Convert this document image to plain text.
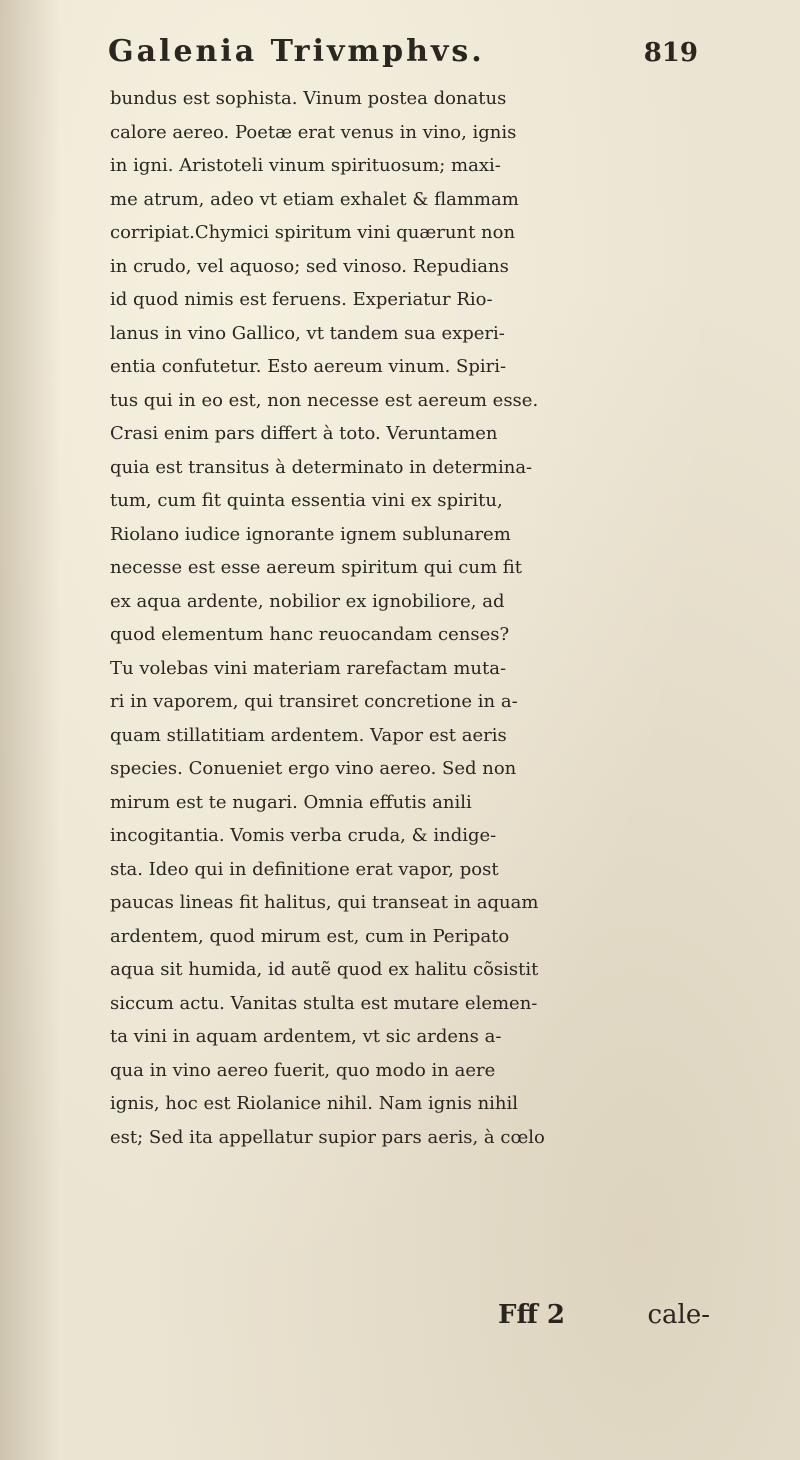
Galenia Trivmphvs.	819
bundus est sophista. Vinum postea donatus
calore aereo. Poetæ erat venus in vino, ignis
in igni. Aristoteli vinum spirituosum; maxi-
me atrum, adeo vt etiam exhalet & flammam
corripiat.Chymici spiritum vini quærunt non
in crudo, vel aquoso; sed vinoso. Repudians
id quod nimis est feruens. Experiatur Rio-
lanus in vino Gallico, vt tandem sua experi-
entia confutetur. Esto aereum vinum. Spiri-
tus qui in eo est, non necesse est aereum esse.
Crasi enim pars differt à toto. Veruntamen
quia est transitus à determinato in determina-
tum, cum fit quinta essentia vini ex spiritu,
Riolano iudice ignorante ignem sublunarem
necesse est esse aereum spiritum qui cum fit
ex aqua ardente, nobilior ex ignobiliore, ad
quod elementum hanc reuocandam censes?
Tu volebas vini materiam rarefactam muta-
ri in vaporem, qui transiret concretione in a-
quam stillatitiam ardentem. Vapor est aeris
species. Conueniet ergo vino aereo. Sed non
mirum est te nugari. Omnia effutis anili
incogitantia. Vomis verba cruda, & indige-
sta. Ideo qui in definitione erat vapor, post
paucas lineas fit halitus, qui transeat in aquam
ardentem, quod mirum est, cum in Peripato
aqua sit humida, id autẽ quod ex halitu cõsistit
siccum actu. Vanitas stulta est mutare elemen-
ta vini in aquam ardentem, vt sic ardens a-
qua in vino aereo fuerit, quo modo in aere
ignis, hoc est Riolanice nihil. Nam ignis nihil
est; Sed ita appellatur supior pars aeris, à cœlo
Fff 2	cale-
